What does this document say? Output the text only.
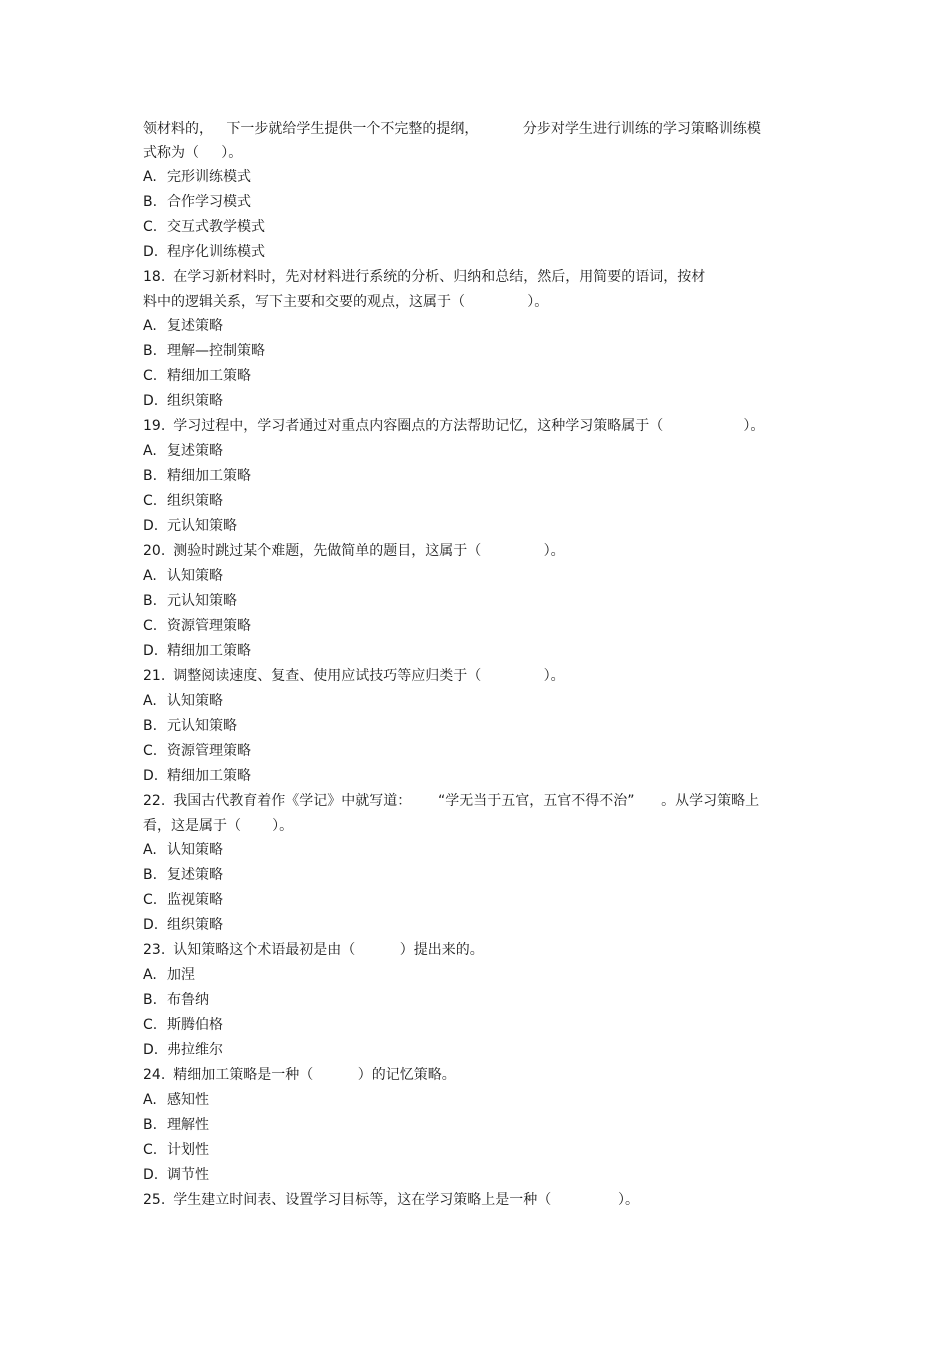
领材料的，   下一步就给学生提供一个不完整的提纲，          分步对学生进行训练的学习策略训练模
式称为（     ）。
A. 完形训练模式
B. 合作学习模式
C. 交互式教学模式
D. 程序化训练模式
18. 在学习新材料时，先对材料进行系统的分析、归纳和总结，然后，用简要的语词，按材
料中的逻辑关系，写下主要和交要的观点，这属于（              ）。
A. 复述策略
B. 理解—控制策略
C. 精细加工策略
D. 组织策略
19. 学习过程中，学习者通过对重点内容圈点的方法帮助记忆，这种学习策略属于（                  ）。
A. 复述策略
B. 精细加工策略
C. 组织策略
D. 元认知策略
20. 测验时跳过某个难题，先做简单的题目，这属于（              ）。
A. 认知策略
B. 元认知策略
C. 资源管理策略
D. 精细加工策略
21. 调整阅读速度、复查、使用应试技巧等应归类于（              ）。
A. 认知策略
B. 元认知策略
C. 资源管理策略
D. 精细加工策略
22. 我国古代教育着作《学记》中就写道：      “学无当于五官，五官不得不治”      。从学习策略上
看，这是属于（       ）。
A. 认知策略
B. 复述策略
C. 监视策略
D. 组织策略
23. 认知策略这个术语最初是由（          ）提出来的。
A. 加涅
B. 布鲁纳
C. 斯腾伯格
D. 弗拉维尔
24. 精细加工策略是一种（          ）的记忆策略。
A. 感知性
B. 理解性
C. 计划性
D. 调节性
25. 学生建立时间表、设置学习目标等，这在学习策略上是一种（               ）。
